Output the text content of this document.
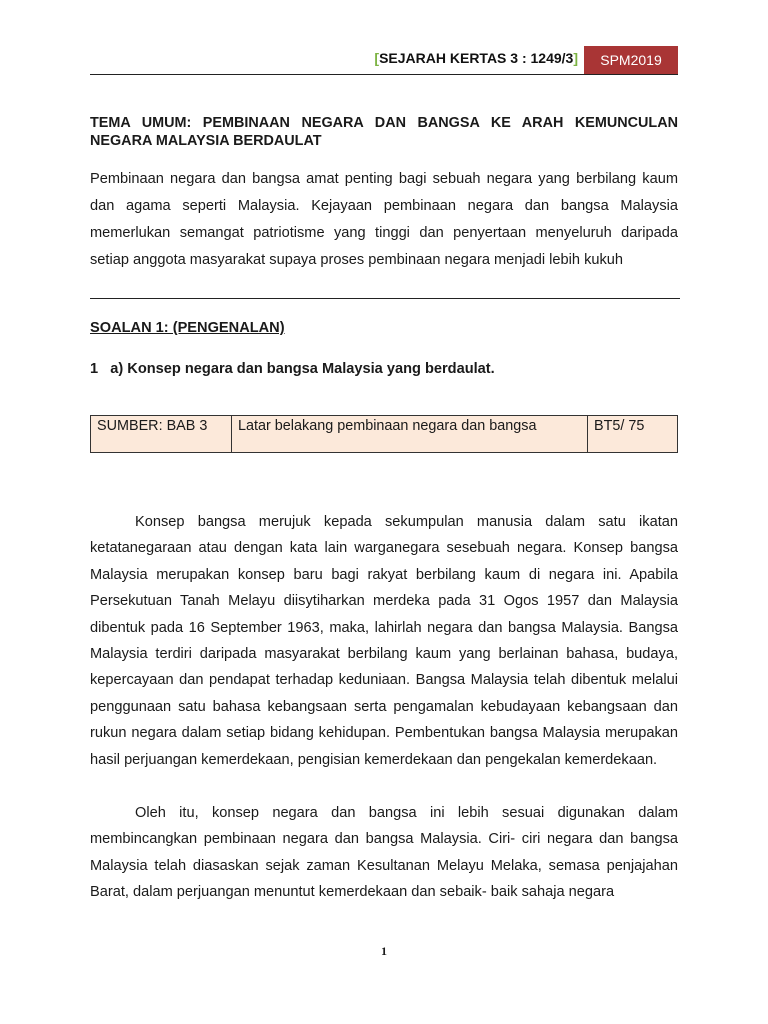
[SEJARAH KERTAS 3 : 1249/3]	SPM2019
TEMA UMUM: PEMBINAAN NEGARA DAN BANGSA KE ARAH KEMUNCULAN
NEGARA MALAYSIA BERDAULAT

Pembinaan negara dan bangsa amat penting bagi sebuah negara yang berbilang kaum dan agama seperti Malaysia. Kejayaan pembinaan negara dan bangsa Malaysia memerlukan semangat patriotisme yang tinggi dan penyertaan menyeluruh daripada setiap anggota masyarakat supaya proses pembinaan negara menjadi lebih kukuh

SOALAN 1: (PENGENALAN)
1   a) Konsep negara dan bangsa Malaysia yang berdaulat.
SUMBER: BAB 3	Latar belakang pembinaan negara dan bangsa	BT5/ 75

Konsep bangsa merujuk kepada sekumpulan manusia dalam satu ikatan ketatanegaraan atau dengan kata lain warganegara sesebuah negara. Konsep bangsa Malaysia merupakan konsep baru bagi rakyat berbilang kaum di negara ini. Apabila Persekutuan Tanah Melayu diisytiharkan merdeka pada 31 Ogos 1957 dan Malaysia dibentuk pada 16 September 1963, maka, lahirlah negara dan bangsa Malaysia. Bangsa Malaysia terdiri daripada masyarakat berbilang kaum yang berlainan bahasa, budaya, kepercayaan dan pendapat terhadap keduniaan. Bangsa Malaysia telah dibentuk melalui penggunaan satu bahasa kebangsaan serta pengamalan kebudayaan kebangsaan dan rukun negara dalam setiap bidang kehidupan. Pembentukan bangsa Malaysia merupakan hasil perjuangan kemerdekaan, pengisian kemerdekaan dan pengekalan kemerdekaan.

Oleh itu, konsep negara dan bangsa ini lebih sesuai digunakan dalam membincangkan pembinaan negara dan bangsa Malaysia. Ciri- ciri negara dan bangsa Malaysia telah diasaskan sejak zaman Kesultanan Melayu Melaka, semasa penjajahan Barat, dalam perjuangan menuntut kemerdekaan dan sebaik- baik sahaja negara

1
